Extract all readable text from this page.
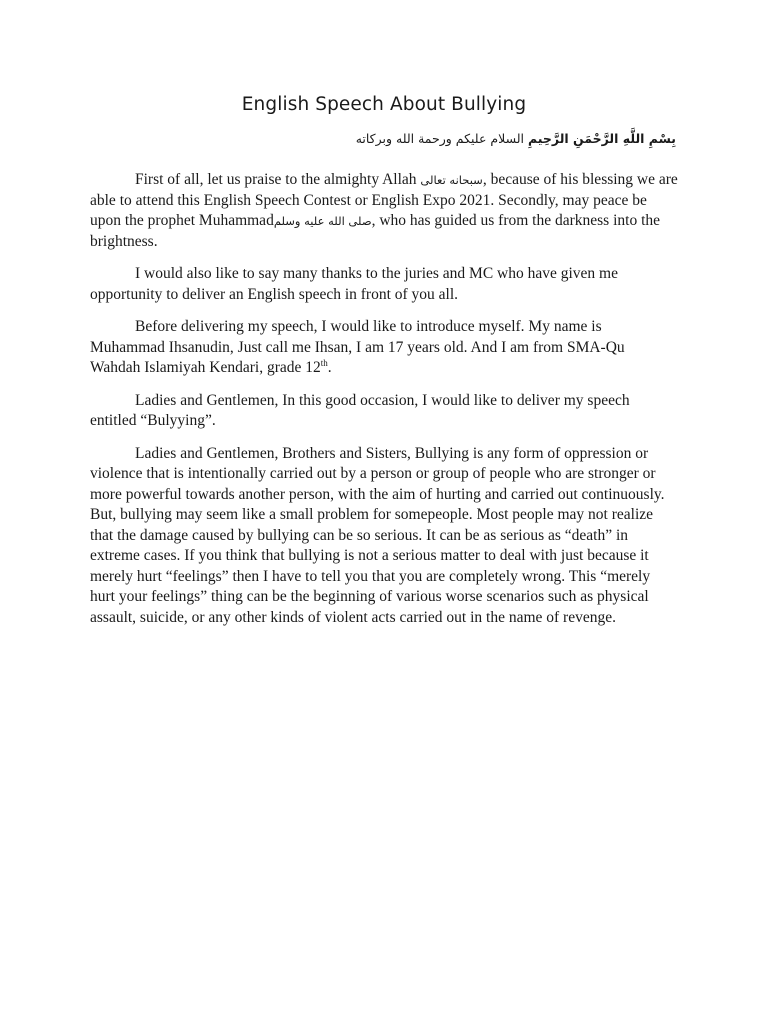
English Speech About Bullying
بِسْمِ اللَّهِ الرَّحْمَنِ الرَّحِيمِ السلام عليكم ورحمة الله وبركاته

First of all, let us praise to the almighty Allah سبحانه تعالى, because of his blessing we are able to attend this English Speech Contest or English Expo 2021. Secondly, may peace be upon the prophet Muhammadصلى الله عليه وسلم, who has guided us from the darkness into the brightness.

I would also like to say many thanks to the juries and MC who have given me opportunity to deliver an English speech in front of you all.

Before delivering my speech, I would like to introduce myself. My name is Muhammad Ihsanudin, Just call me Ihsan, I am 17 years old. And I am from SMA-Qu Wahdah Islamiyah Kendari, grade 12th.

Ladies and Gentlemen, In this good occasion, I would like to deliver my speech entitled “Bulyying”.

Ladies and Gentlemen, Brothers and Sisters, Bullying is any form of oppression or violence that is intentionally carried out by a person or group of people who are stronger or more powerful towards another person, with the aim of hurting and carried out continuously. But, bullying may seem like a small problem for somepeople. Most people may not realize that the damage caused by bullying can be so serious. It can be as serious as “death” in extreme cases. If you think that bullying is not a serious matter to deal with just because it merely hurt “feelings” then I have to tell you that you are completely wrong. This “merely hurt your feelings” thing can be the beginning of various worse scenarios such as physical assault, suicide, or any other kinds of violent acts carried out in the name of revenge.
